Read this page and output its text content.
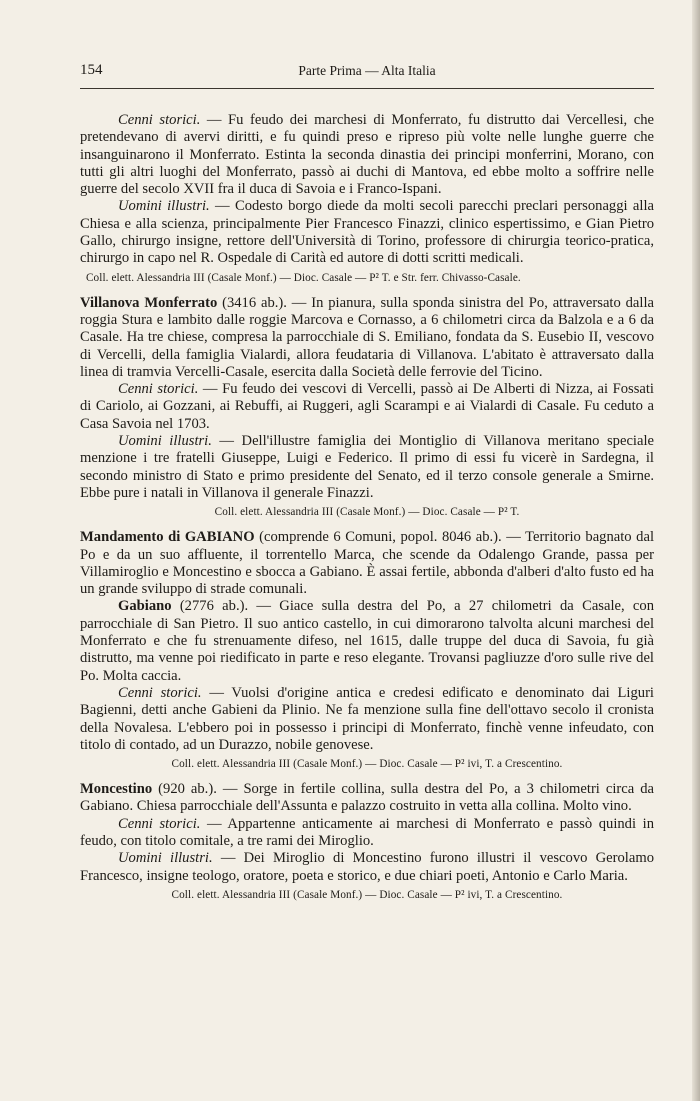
154	Parte Prima — Alta Italia

Cenni storici. — Fu feudo dei marchesi di Monferrato, fu distrutto dai Vercellesi, che pretendevano di avervi diritti, e fu quindi preso e ripreso più volte nelle lunghe guerre che insanguinarono il Monferrato. Estinta la seconda dinastia dei principi monferrini, Morano, con tutti gli altri luoghi del Monferrato, passò ai duchi di Mantova, ed ebbe molto a soffrire nelle guerre del secolo XVII fra il duca di Savoia e i Franco-Ispani.

Uomini illustri. — Codesto borgo diede da molti secoli parecchi preclari personaggi alla Chiesa e alla scienza, principalmente Pier Francesco Finazzi, clinico espertissimo, e Gian Pietro Gallo, chirurgo insigne, rettore dell'Università di Torino, professore di chirurgia teorico-pratica, chirurgo in capo nel R. Ospedale di Carità ed autore di dotti scritti medicali.

Coll. elett. Alessandria III (Casale Monf.) — Dioc. Casale — P² T. e Str. ferr. Chivasso-Casale.

Villanova Monferrato (3416 ab.). — In pianura, sulla sponda sinistra del Po, attraversato dalla roggia Stura e lambito dalle roggie Marcova e Cornasso, a 6 chilometri circa da Balzola e a 6 da Casale. Ha tre chiese, compresa la parrocchiale di S. Emiliano, fondata da S. Eusebio II, vescovo di Vercelli, della famiglia Vialardi, allora feudataria di Villanova. L'abitato è attraversato dalla linea di tramvia Vercelli-Casale, esercita dalla Società delle ferrovie del Ticino.

Cenni storici. — Fu feudo dei vescovi di Vercelli, passò ai De Alberti di Nizza, ai Fossati di Cariolo, ai Gozzani, ai Rebuffi, ai Ruggeri, agli Scarampi e ai Vialardi di Casale. Fu ceduto a Casa Savoia nel 1703.

Uomini illustri. — Dell'illustre famiglia dei Montiglio di Villanova meritano speciale menzione i tre fratelli Giuseppe, Luigi e Federico. Il primo di essi fu vicerè in Sardegna, il secondo ministro di Stato e primo presidente del Senato, ed il terzo console generale a Smirne. Ebbe pure i natali in Villanova il generale Finazzi.

Coll. elett. Alessandria III (Casale Monf.) — Dioc. Casale — P² T.

Mandamento di GABIANO (comprende 6 Comuni, popol. 8046 ab.). — Territorio bagnato dal Po e da un suo affluente, il torrentello Marca, che scende da Odalengo Grande, passa per Villamiroglio e Moncestino e sbocca a Gabiano. È assai fertile, abbonda d'alberi d'alto fusto ed ha un grande sviluppo di strade comunali.

Gabiano (2776 ab.). — Giace sulla destra del Po, a 27 chilometri da Casale, con parrocchiale di San Pietro. Il suo antico castello, in cui dimorarono talvolta alcuni marchesi del Monferrato e che fu strenuamente difeso, nel 1615, dalle truppe del duca di Savoia, fu già distrutto, ma venne poi riedificato in parte e reso elegante. Trovansi pagliuzze d'oro sulle rive del Po. Molta caccia.

Cenni storici. — Vuolsi d'origine antica e credesi edificato e denominato dai Liguri Bagienni, detti anche Gabieni da Plinio. Ne fa menzione sulla fine dell'ottavo secolo il cronista della Novalesa. L'ebbero poi in possesso i principi di Monferrato, finchè venne infeudato, con titolo di contado, ad un Durazzo, nobile genovese.

Coll. elett. Alessandria III (Casale Monf.) — Dioc. Casale — P² ivi, T. a Crescentino.

Moncestino (920 ab.). — Sorge in fertile collina, sulla destra del Po, a 3 chilometri circa da Gabiano. Chiesa parrocchiale dell'Assunta e palazzo costruito in vetta alla collina. Molto vino.

Cenni storici. — Appartenne anticamente ai marchesi di Monferrato e passò quindi in feudo, con titolo comitale, a tre rami dei Miroglio.

Uomini illustri. — Dei Miroglio di Moncestino furono illustri il vescovo Gerolamo Francesco, insigne teologo, oratore, poeta e storico, e due chiari poeti, Antonio e Carlo Maria.

Coll. elett. Alessandria III (Casale Monf.) — Dioc. Casale — P² ivi, T. a Crescentino.
